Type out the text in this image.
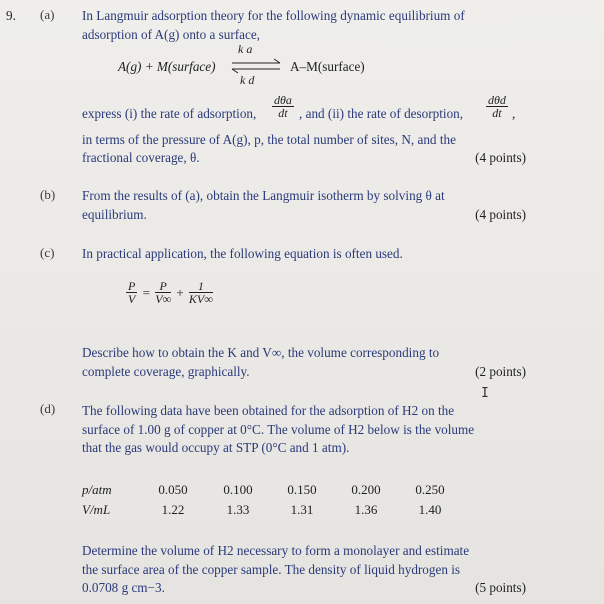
9. (a) In Langmuir adsorption theory for the following dynamic equilibrium of
adsorption of A(g) onto a surface,
A(g) + M(surface)
k a
k d
A–M(surface)
express (i) the rate of adsorption,
dθa
dt , and (ii) the rate of desorption,
dθd
dt ,
in terms of the pressure of A(g), p, the total number of sites, N, and the
fractional coverage, θ.	(4 points)
(b) From the results of (a), obtain the Langmuir isotherm by solving θ at
equilibrium.	(4 points)
(c) In practical application, the following equation is often used.
$\frac{P}{V} = \frac{P}{V\infty} + \frac{1}{KV\infty}$
Describe how to obtain the K and V∞, the volume corresponding to
complete coverage, graphically.	(2 points)
I
(d) The following data have been obtained for the adsorption of H2 on the
surface of 1.00 g of copper at 0°C. The volume of H2 below is the volume
that the gas would occupy at STP (0°C and 1 atm).
p/atm	0.050	0.100	0.150	0.200	0.250
V/mL	1.22	1.33	1.31	1.36	1.40
Determine the volume of H2 necessary to form a monolayer and estimate
the surface area of the copper sample. The density of liquid hydrogen is
0.0708 g cm−3.	(5 points)
